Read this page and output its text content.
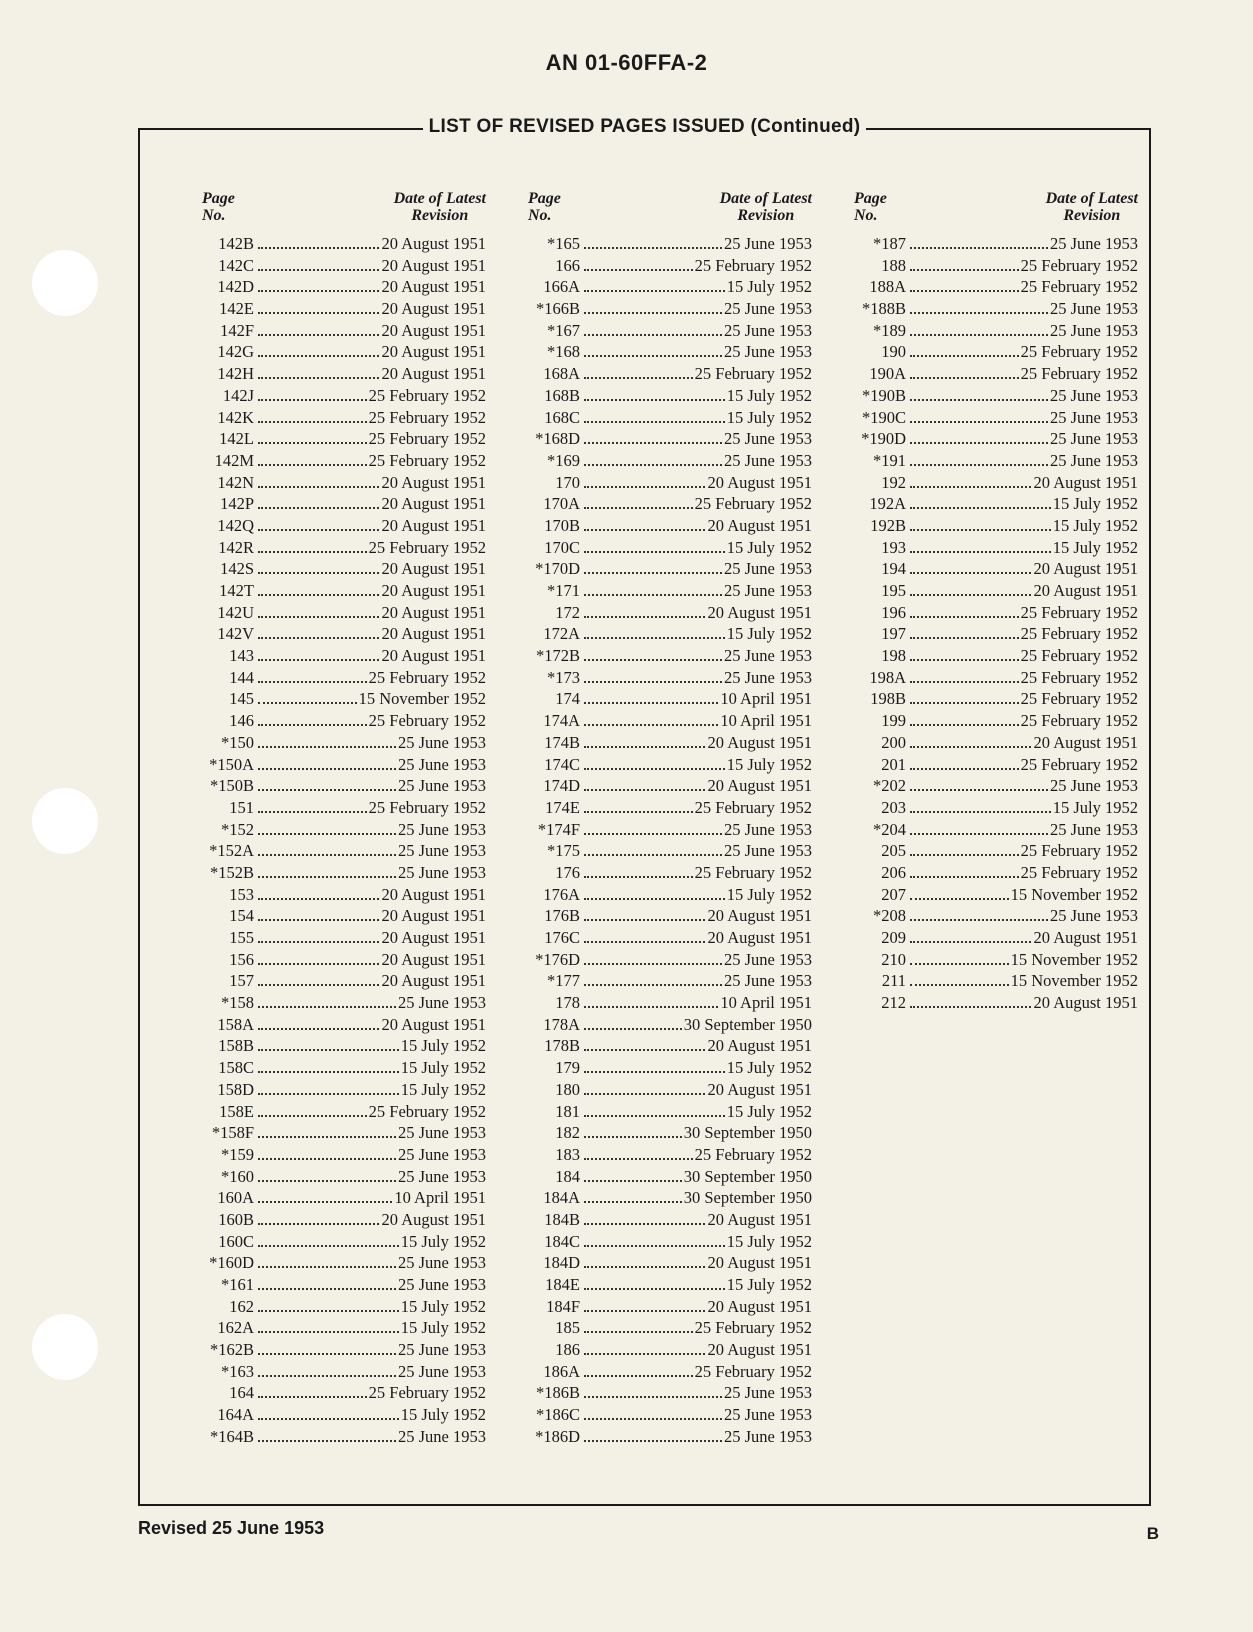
AN 01-60FFA-2
LIST OF REVISED PAGES ISSUED (Continued)
Page
No.
Date of Latest
Revision
142B	20 August 1951
142C	20 August 1951
142D	20 August 1951
142E	20 August 1951
142F	20 August 1951
142G	20 August 1951
142H	20 August 1951
142J	25 February 1952
142K	25 February 1952
142L	25 February 1952
142M	25 February 1952
142N	20 August 1951
142P	20 August 1951
142Q	20 August 1951
142R	25 February 1952
142S	20 August 1951
142T	20 August 1951
142U	20 August 1951
142V	20 August 1951
143	20 August 1951
144	25 February 1952
145	15 November 1952
146	25 February 1952
*150	25 June 1953
*150A	25 June 1953
*150B	25 June 1953
151	25 February 1952
*152	25 June 1953
*152A	25 June 1953
*152B	25 June 1953
153	20 August 1951
154	20 August 1951
155	20 August 1951
156	20 August 1951
157	20 August 1951
*158	25 June 1953
158A	20 August 1951
158B	15 July 1952
158C	15 July 1952
158D	15 July 1952
158E	25 February 1952
*158F	25 June 1953
*159	25 June 1953
*160	25 June 1953
160A	10 April 1951
160B	20 August 1951
160C	15 July 1952
*160D	25 June 1953
*161	25 June 1953
162	15 July 1952
162A	15 July 1952
*162B	25 June 1953
*163	25 June 1953
164	25 February 1952
164A	15 July 1952
*164B	25 June 1953
Page
No.
Date of Latest
Revision
*165	25 June 1953
166	25 February 1952
166A	15 July 1952
*166B	25 June 1953
*167	25 June 1953
*168	25 June 1953
168A	25 February 1952
168B	15 July 1952
168C	15 July 1952
*168D	25 June 1953
*169	25 June 1953
170	20 August 1951
170A	25 February 1952
170B	20 August 1951
170C	15 July 1952
*170D	25 June 1953
*171	25 June 1953
172	20 August 1951
172A	15 July 1952
*172B	25 June 1953
*173	25 June 1953
174	10 April 1951
174A	10 April 1951
174B	20 August 1951
174C	15 July 1952
174D	20 August 1951
174E	25 February 1952
*174F	25 June 1953
*175	25 June 1953
176	25 February 1952
176A	15 July 1952
176B	20 August 1951
176C	20 August 1951
*176D	25 June 1953
*177	25 June 1953
178	10 April 1951
178A	30 September 1950
178B	20 August 1951
179	15 July 1952
180	20 August 1951
181	15 July 1952
182	30 September 1950
183	25 February 1952
184	30 September 1950
184A	30 September 1950
184B	20 August 1951
184C	15 July 1952
184D	20 August 1951
184E	15 July 1952
184F	20 August 1951
185	25 February 1952
186	20 August 1951
186A	25 February 1952
*186B	25 June 1953
*186C	25 June 1953
*186D	25 June 1953
Page
No.
Date of Latest
Revision
*187	25 June 1953
188	25 February 1952
188A	25 February 1952
*188B	25 June 1953
*189	25 June 1953
190	25 February 1952
190A	25 February 1952
*190B	25 June 1953
*190C	25 June 1953
*190D	25 June 1953
*191	25 June 1953
192	20 August 1951
192A	15 July 1952
192B	15 July 1952
193	15 July 1952
194	20 August 1951
195	20 August 1951
196	25 February 1952
197	25 February 1952
198	25 February 1952
198A	25 February 1952
198B	25 February 1952
199	25 February 1952
200	20 August 1951
201	25 February 1952
*202	25 June 1953
203	15 July 1952
*204	25 June 1953
205	25 February 1952
206	25 February 1952
207	15 November 1952
*208	25 June 1953
209	20 August 1951
210	15 November 1952
211	15 November 1952
212	20 August 1951
Revised 25 June 1953	B
